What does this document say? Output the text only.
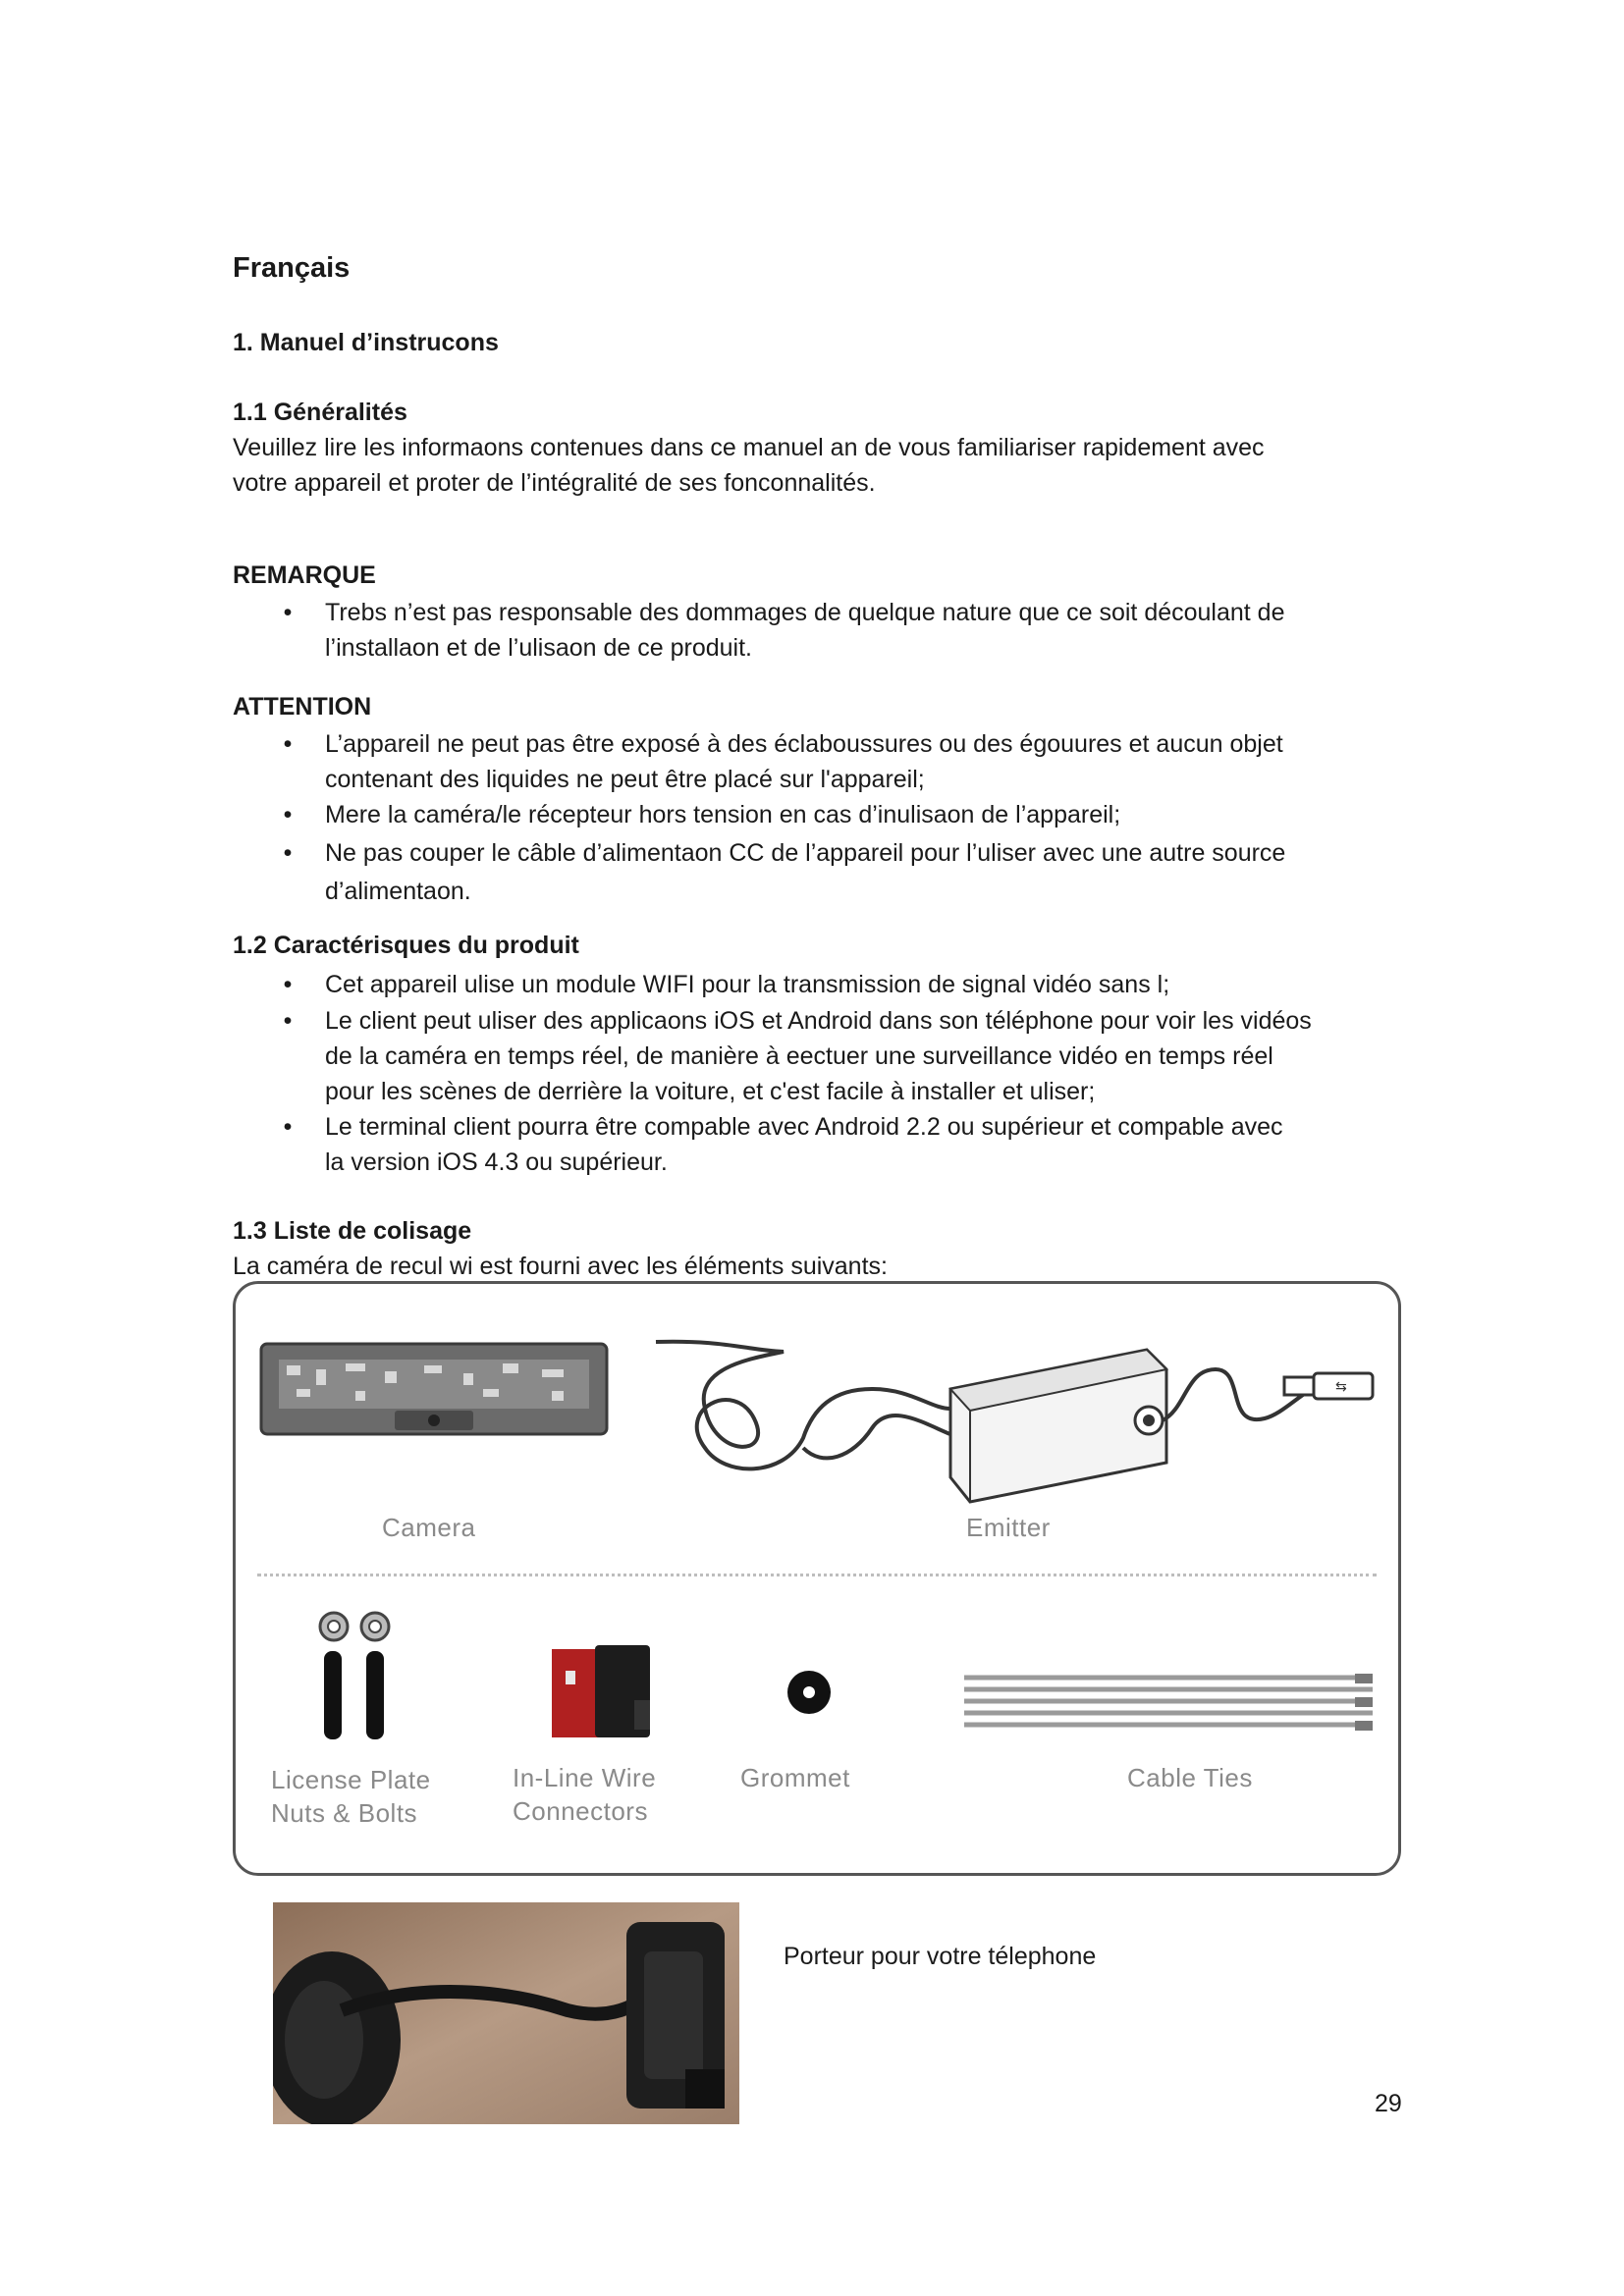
Français
1. Manuel d’instrucons
1.1 Généralités
Veuillez lire les informaons contenues dans ce manuel an de vous familiariser rapidement avec
votre appareil et proter de l’intégralité de ses fonconnalités.
REMARQUE
• Trebs n’est pas responsable des dommages de quelque nature que ce soit découlant de
l’installaon et de l’ulisaon de ce produit.
ATTENTION
• L’appareil ne peut pas être exposé à des éclaboussures ou des égouures et aucun objet
contenant des liquides ne peut être placé sur l'appareil;
• Mere la caméra/le récepteur hors tension en cas d’inulisaon de l’appareil;
• Ne pas couper le câble d’alimentaon CC de l’appareil pour l’uliser avec une autre source
d’alimentaon.
1.2 Caractérisques du produit
• Cet appareil ulise un module WIFI pour la transmission de signal vidéo sans l;
• Le client peut uliser des applicaons iOS et Android dans son téléphone pour voir les vidéos
de la caméra en temps réel, de manière à eectuer une surveillance vidéo en temps réel
pour les scènes de derrière la voiture, et c'est facile à installer et uliser;
• Le terminal client pourra être compable avec Android 2.2 ou supérieur et compable avec
la version iOS 4.3 ou supérieur.
1.3 Liste de colisage
La caméra de recul wi est fourni avec les éléments suivants:
Camera
⇆
Emitter
License Plate
Nuts & Bolts
In-Line Wire
Connectors
Grommet	Cable Ties
Porteur pour votre télephone
29
